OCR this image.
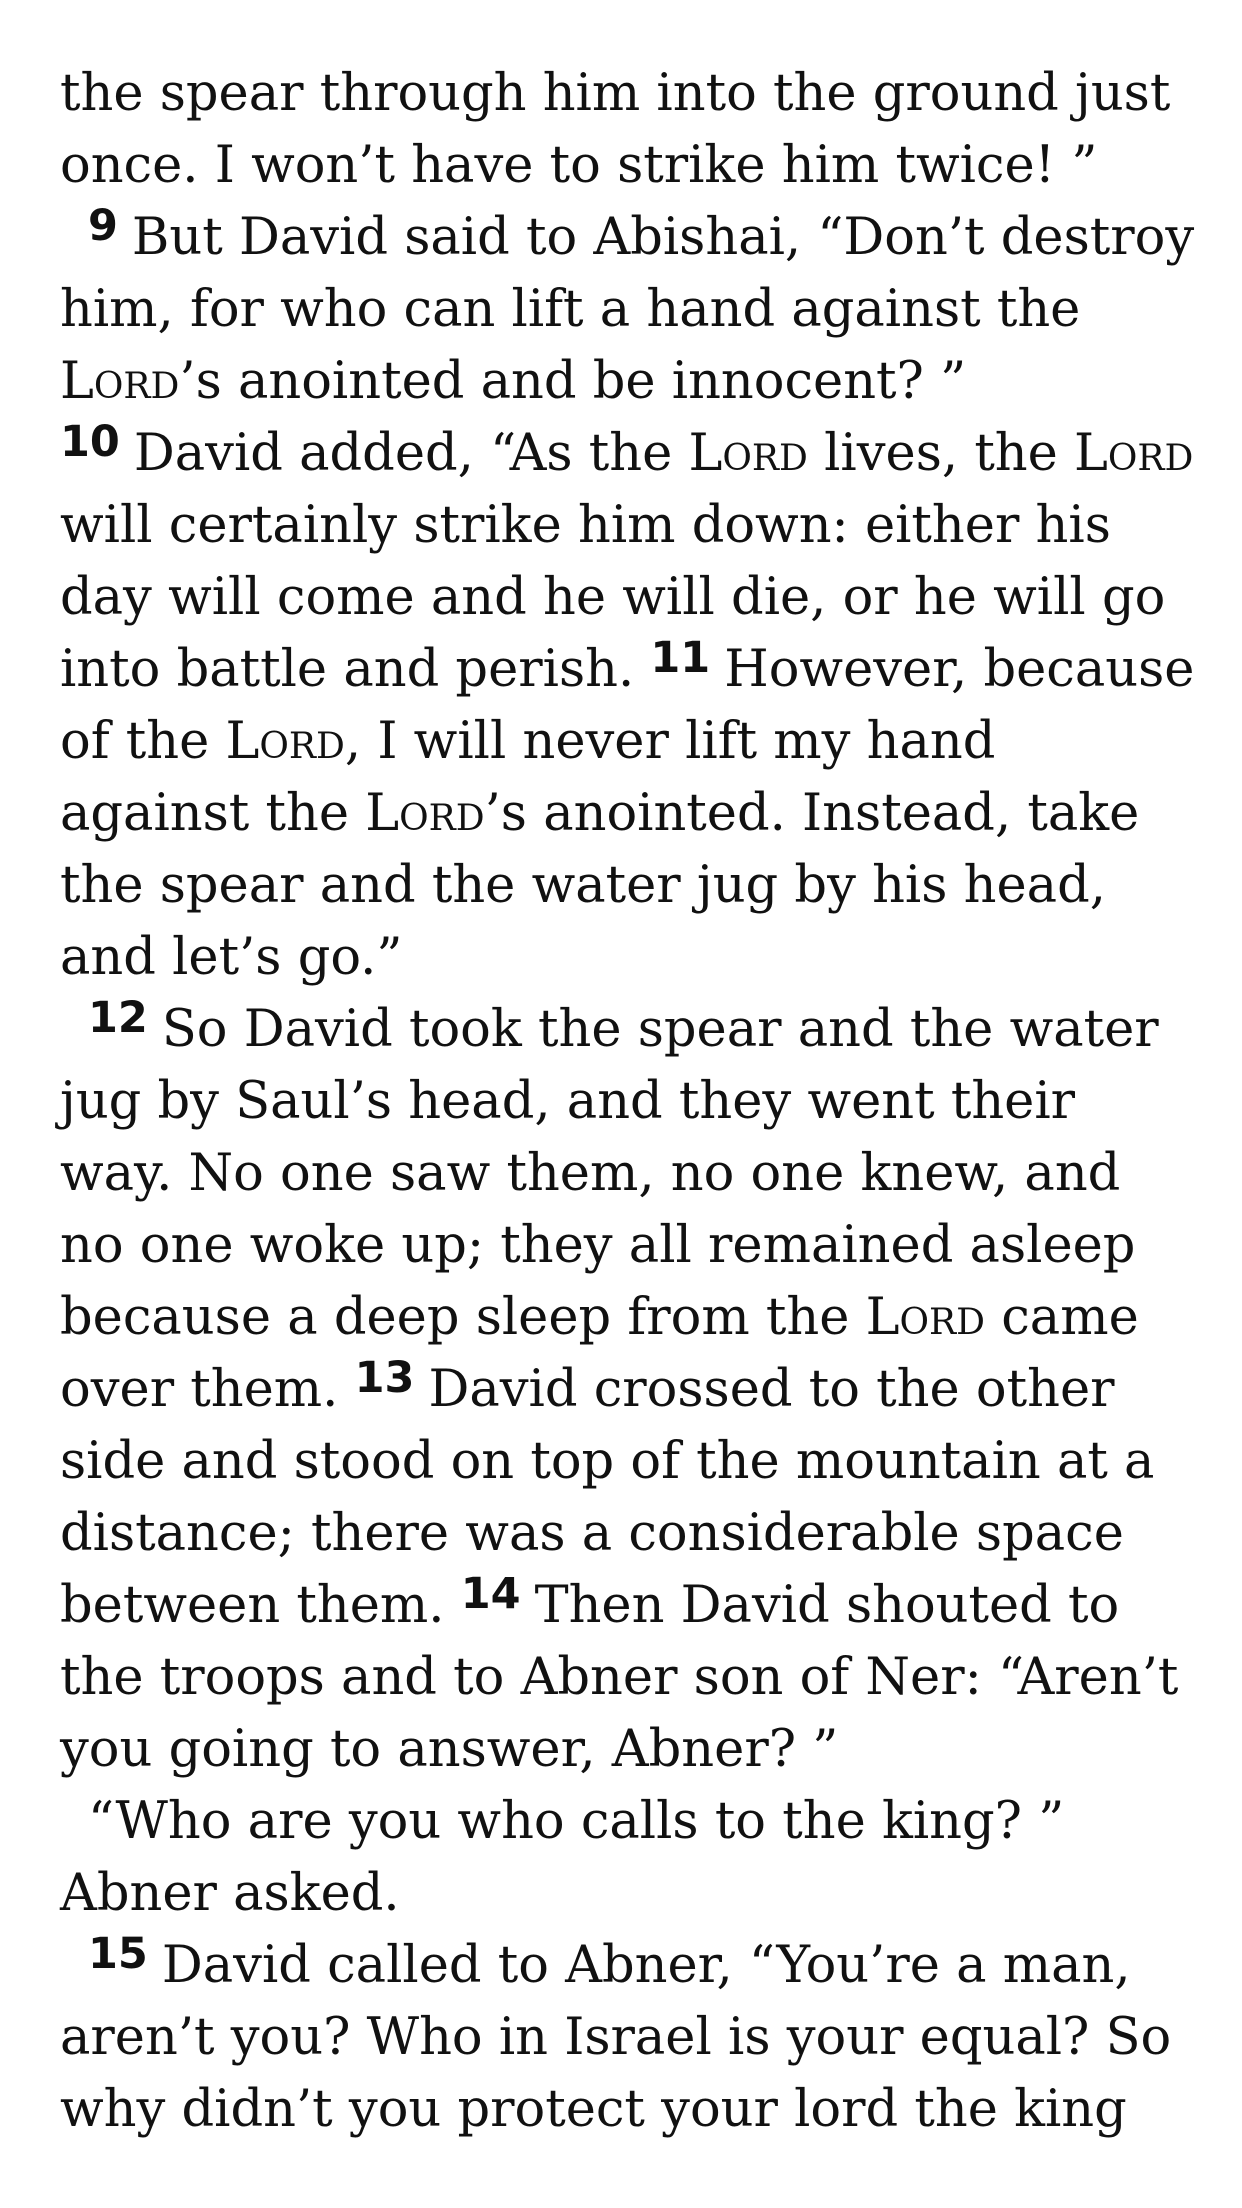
the spear through him into the ground just once. I won’t have to strike him twice! ”

$^9$ But David said to Abishai, “Don’t destroy him, for who can lift a hand against the Lord’s anointed and be innocent? ” $^{10}$ David added, “As the Lord lives, the Lord will certainly strike him down: either his day will come and he will die, or he will go into battle and perish. $^{11}$ However, because of the Lord, I will never lift my hand against the Lord’s anointed. Instead, take the spear and the water jug by his head, and let’s go.”

$^{12}$ So David took the spear and the water jug by Saul’s head, and they went their way. No one saw them, no one knew, and no one woke up; they all remained asleep because a deep sleep from the Lord came over them. $^{13}$ David crossed to the other side and stood on top of the mountain at a distance; there was a considerable space between them. $^{14}$ Then David shouted to the troops and to Abner son of Ner: “Aren’t you going to answer, Abner? ”

“Who are you who calls to the king? ” Abner asked.

$^{15}$ David called to Abner, “You’re a man, aren’t you? Who in Israel is your equal? So why didn’t you protect your lord the king
